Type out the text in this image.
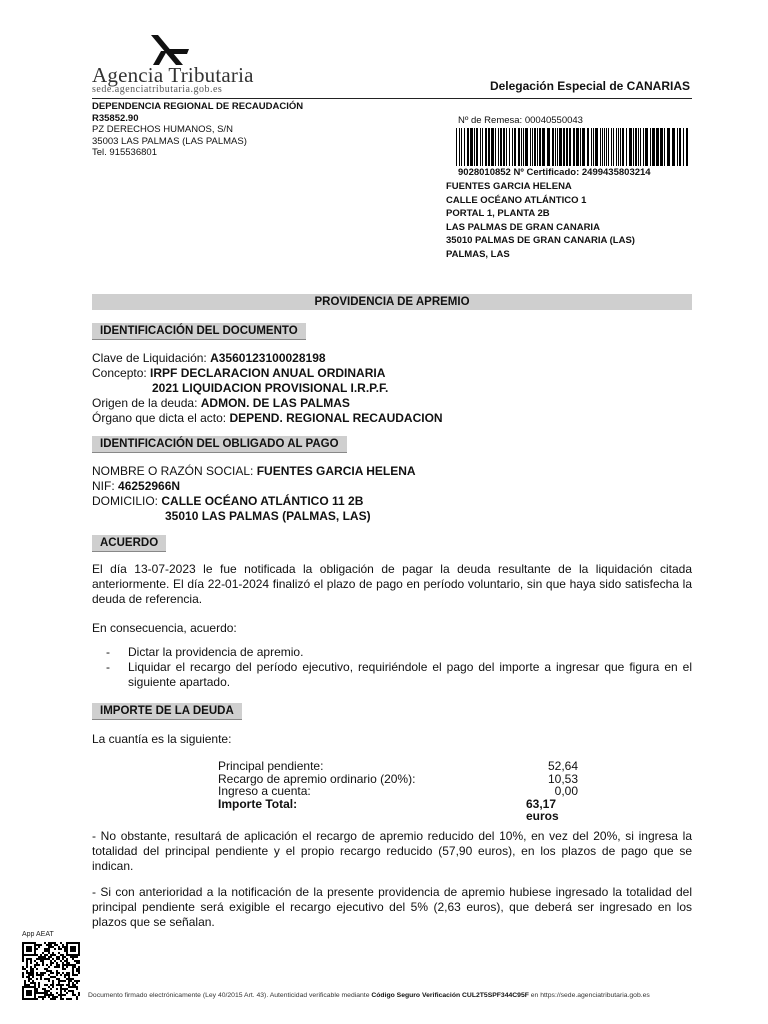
Agencia Tributaria
sede.agenciatributaria.gob.es	Delegación Especial de CANARIAS
DEPENDENCIA REGIONAL DE RECAUDACIÓN
R35852.90
PZ DERECHOS HUMANOS, S/N
35003 LAS PALMAS (LAS PALMAS)
Tel. 915536801
Nº de Remesa: 00040550043
9028010852 Nº Certificado: 2499435803214
FUENTES GARCIA HELENA
CALLE OCÉANO ATLÁNTICO 1
PORTAL 1, PLANTA 2B
LAS PALMAS DE GRAN CANARIA
35010 PALMAS DE GRAN CANARIA (LAS)
PALMAS, LAS
PROVIDENCIA DE APREMIO
IDENTIFICACIÓN DEL DOCUMENTO
Clave de Liquidación: A3560123100028198
Concepto: IRPF DECLARACION ANUAL ORDINARIA
2021 LIQUIDACION PROVISIONAL I.R.P.F.
Origen de la deuda: ADMON. DE LAS PALMAS
Órgano que dicta el acto: DEPEND. REGIONAL RECAUDACION
IDENTIFICACIÓN DEL OBLIGADO AL PAGO
NOMBRE O RAZÓN SOCIAL: FUENTES GARCIA HELENA
NIF: 46252966N
DOMICILIO: CALLE OCÉANO ATLÁNTICO 11 2B
35010 LAS PALMAS (PALMAS, LAS)
ACUERDO
El día 13-07-2023 le fue notificada la obligación de pagar la deuda resultante de la liquidación citada anteriormente. El día 22-01-2024 finalizó el plazo de pago en período voluntario, sin que haya sido satisfecha la deuda de referencia.
En consecuencia, acuerdo:
- Dictar la providencia de apremio.
- Liquidar el recargo del período ejecutivo, requiriéndole el pago del importe a ingresar que figura en el siguiente apartado.
IMPORTE DE LA DEUDA
La cuantía es la siguiente:
Principal pendiente:	52,64
Recargo de apremio ordinario (20%):	10,53
Ingreso a cuenta:	0,00
Importe Total:	63,17 euros
- No obstante, resultará de aplicación el recargo de apremio reducido del 10%, en vez del 20%, si ingresa la totalidad del principal pendiente y el propio recargo reducido (57,90 euros), en los plazos de pago que se indican.
- Si con anterioridad a la notificación de la presente providencia de apremio hubiese ingresado la totalidad del principal pendiente será exigible el recargo ejecutivo del 5% (2,63 euros), que deberá ser ingresado en los plazos que se señalan.
App AEAT
Documento firmado electrónicamente (Ley 40/2015 Art. 43). Autenticidad verificable mediante Código Seguro Verificación CUL2T5SPF344C95F en https://sede.agenciatributaria.gob.es
